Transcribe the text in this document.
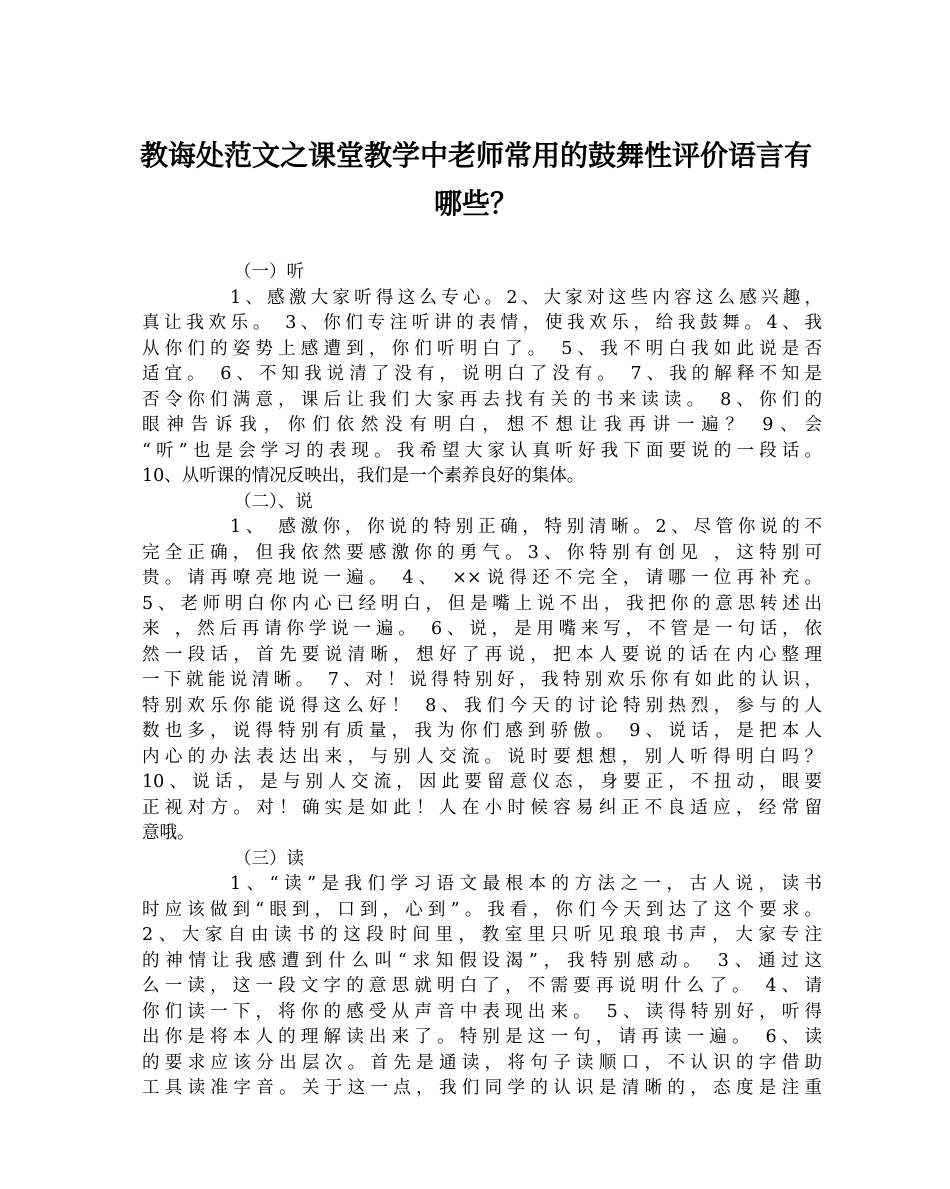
教诲处范文之课堂教学中老师常用的鼓舞性评价语言有
哪些？
（一）听
1、感激大家听得这么专心。2、大家对这些内容这么感兴趣，
真让我欢乐。 3、你们专注听讲的表情，使我欢乐，给我鼓舞。4、我
从你们的姿势上感遭到，你们听明白了。 5、我不明白我如此说是否
适宜。 6、不知我说清了没有，说明白了没有。 7、我的解释不知是
否令你们满意，课后让我们大家再去找有关的书来读读。 8、你们的
眼神告诉我，你们依然没有明白，想不想让我再讲一遍？ 9、会
“听”也是会学习的表现。我希望大家认真听好我下面要说的一段话。
10、从听课的情况反映出，我们是一个素养良好的集体。
（二）、说
1、 感激你，你说的特别正确，特别清晰。2、尽管你说的不
完全正确，但我依然要感激你的勇气。3、你特别有创见 ，这特别可
贵。请再嘹亮地说一遍。 4、 ××说得还不完全，请哪一位再补充。
5、老师明白你内心已经明白，但是嘴上说不出，我把你的意思转述出
来 ，然后再请你学说一遍。 6、说，是用嘴来写，不管是一句话，依
然一段话，首先要说清晰，想好了再说，把本人要说的话在内心整理
一下就能说清晰。 7、对！说得特别好，我特别欢乐你有如此的认识，
特别欢乐你能说得这么好！ 8、我们今天的讨论特别热烈，参与的人
数也多，说得特别有质量，我为你们感到骄傲。 9、说话，是把本人
内心的办法表达出来，与别人交流。说时要想想，别人听得明白吗？
10、说话，是与别人交流，因此要留意仪态，身要正，不扭动，眼要
正视对方。对！确实是如此！人在小时候容易纠正不良适应，经常留
意哦。
（三）读
1、“读”是我们学习语文最根本的方法之一，古人说，读书
时应该做到“眼到，口到，心到”。我看，你们今天到达了这个要求。
2、大家自由读书的这段时间里，教室里只听见琅琅书声，大家专注
的神情让我感遭到什么叫“求知假设渴”，我特别感动。 3、通过这
么一读，这一段文字的意思就明白了，不需要再说明什么了。 4、请
你们读一下，将你的感受从声音中表现出来。 5、读得特别好，听得
出你是将本人的理解读出来了。特别是这一句，请再读一遍。 6、读
的要求应该分出层次。首先是通读，将句子读顺口，不认识的字借助
工具读准字音。关于这一点，我们同学的认识是清晰的，态度是注重
